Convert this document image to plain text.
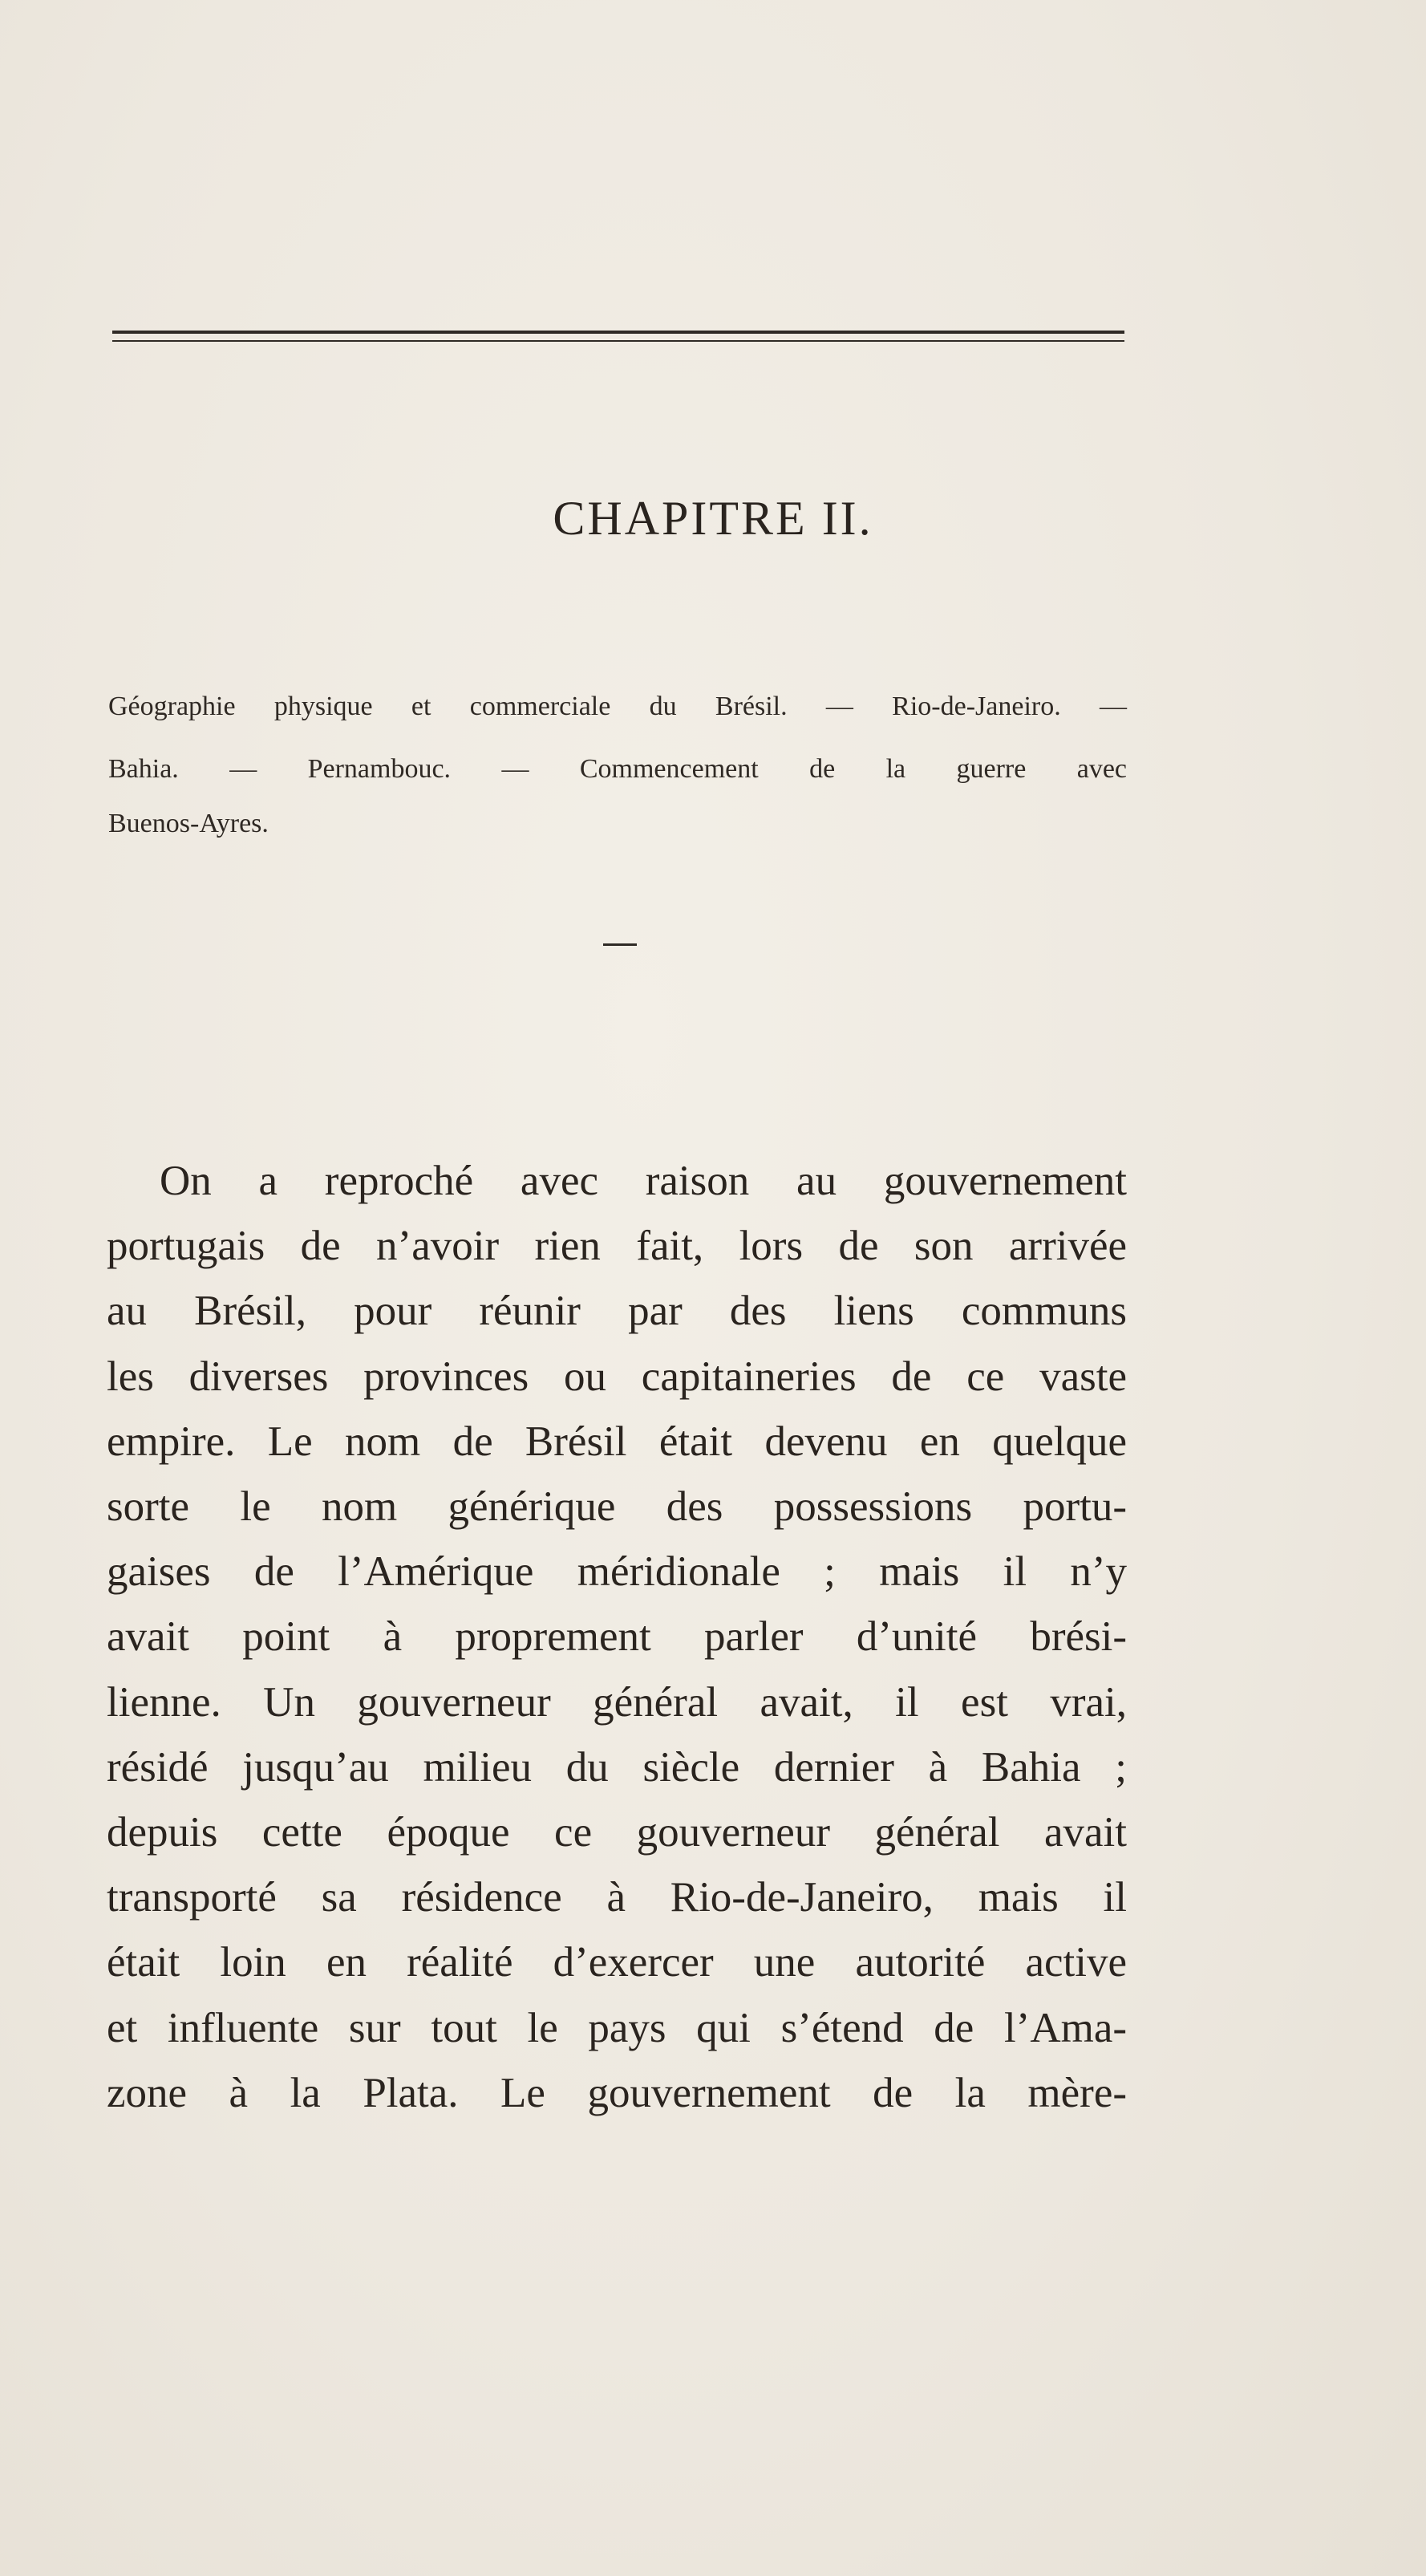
CHAPITRE II.
Géographie physique et commerciale du Brésil. — Rio-de-Janeiro. —
Bahia. — Pernambouc. — Commencement de la guerre avec
Buenos-Ayres.
On a reproché avec raison au gouvernement
portugais de n’avoir rien fait, lors de son arrivée
au Brésil, pour réunir par des liens communs
les diverses provinces ou capitaineries de ce vaste
empire. Le nom de Brésil était devenu en quelque
sorte le nom générique des possessions portu-
gaises de l’Amérique méridionale ; mais il n’y
avait point à proprement parler d’unité brési-
lienne. Un gouverneur général avait, il est vrai,
résidé jusqu’au milieu du siècle dernier à Bahia ;
depuis cette époque ce gouverneur général avait
transporté sa résidence à Rio-de-Janeiro, mais il
était loin en réalité d’exercer une autorité active
et influente sur tout le pays qui s’étend de l’Ama-
zone à la Plata. Le gouvernement de la mère-
